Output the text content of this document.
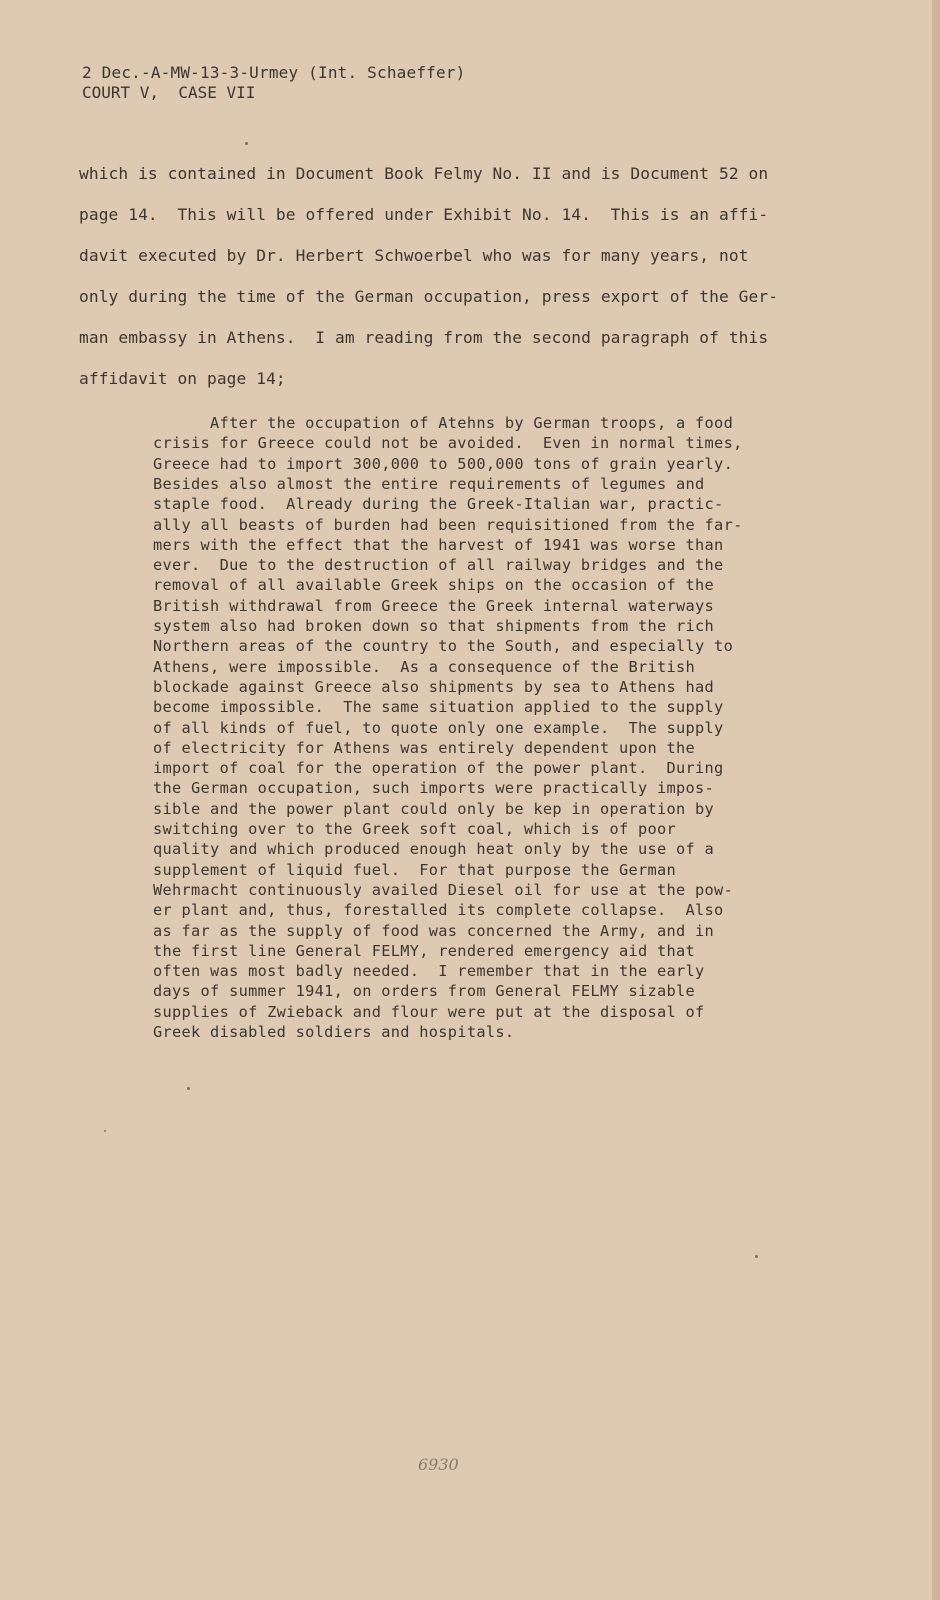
2 Dec.-A-MW-13-3-Urmey (Int. Schaeffer)

COURT V,  CASE VII

which is contained in Document Book Felmy No. II and is Document 52 on

page 14.  This will be offered under Exhibit No. 14.  This is an affi-

davit executed by Dr. Herbert Schwoerbel who was for many years, not

only during the time of the German occupation, press export of the Ger-

man embassy in Athens.  I am reading from the second paragraph of this

affidavit on page 14;

After the occupation of Atehns by German troops, a food

crisis for Greece could not be avoided.  Even in normal times,

Greece had to import 300,000 to 500,000 tons of grain yearly.

Besides also almost the entire requirements of legumes and

staple food.  Already during the Greek-Italian war, practic-

ally all beasts of burden had been requisitioned from the far-

mers with the effect that the harvest of 1941 was worse than

ever.  Due to the destruction of all railway bridges and the

removal of all available Greek ships on the occasion of the

British withdrawal from Greece the Greek internal waterways

system also had broken down so that shipments from the rich

Northern areas of the country to the South, and especially to

Athens, were impossible.  As a consequence of the British

blockade against Greece also shipments by sea to Athens had

become impossible.  The same situation applied to the supply

of all kinds of fuel, to quote only one example.  The supply

of electricity for Athens was entirely dependent upon the

import of coal for the operation of the power plant.  During

the German occupation, such imports were practically impos-

sible and the power plant could only be kep in operation by

switching over to the Greek soft coal, which is of poor

quality and which produced enough heat only by the use of a

supplement of liquid fuel.  For that purpose the German

Wehrmacht continuously availed Diesel oil for use at the pow-

er plant and, thus, forestalled its complete collapse.  Also

as far as the supply of food was concerned the Army, and in

the first line General FELMY, rendered emergency aid that

often was most badly needed.  I remember that in the early

days of summer 1941, on orders from General FELMY sizable

supplies of Zwieback and flour were put at the disposal of

Greek disabled soldiers and hospitals.

6930
